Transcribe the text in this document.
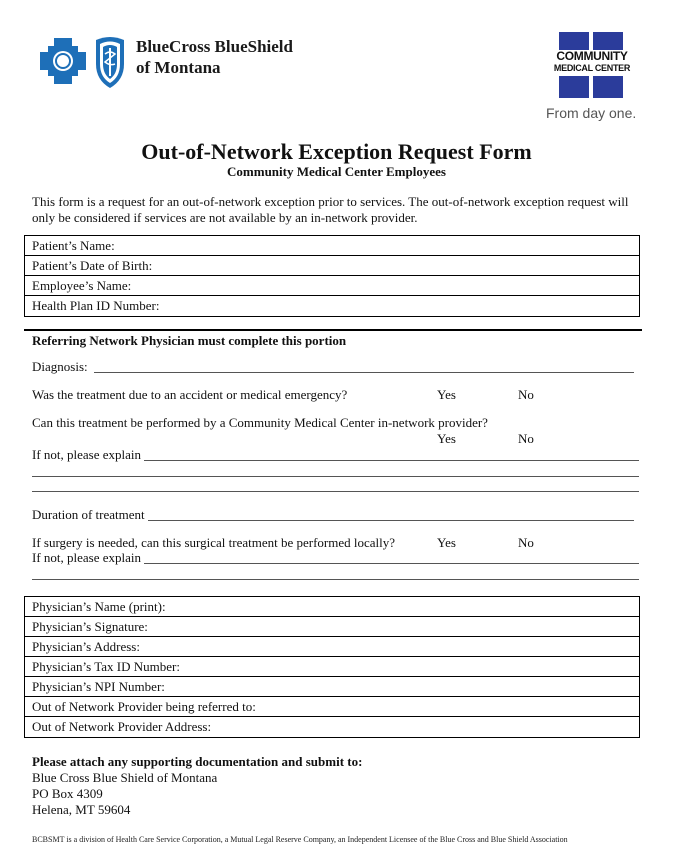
BlueCross BlueShield
of Montana
COMMUNITY
MEDICAL CENTER
From day one.
Out-of-Network Exception Request Form
Community Medical Center Employees
This form is a request for an out-of-network exception prior to services. The out-of-network exception request will only be considered if services are not available by an in-network provider.
Patient’s Name:
Patient’s Date of Birth:
Employee’s Name:
Health Plan ID Number:
Referring Network Physician must complete this portion
Diagnosis:
Was the treatment due to an accident or medical emergency?	Yes	No
Can this treatment be performed by a Community Medical Center in-network provider?
Yes	No
If not, please explain
Duration of treatment
If surgery is needed, can this surgical treatment be performed locally?	Yes	No
If not, please explain
Physician’s Name (print):
Physician’s Signature:
Physician’s Address:
Physician’s Tax ID Number:
Physician’s NPI Number:
Out of Network Provider being referred to:
Out of Network Provider Address:
Please attach any supporting documentation and submit to:
Blue Cross Blue Shield of Montana
PO Box 4309
Helena, MT 59604
BCBSMT is a division of Health Care Service Corporation, a Mutual Legal Reserve Company, an Independent Licensee of the Blue Cross and Blue Shield Association
